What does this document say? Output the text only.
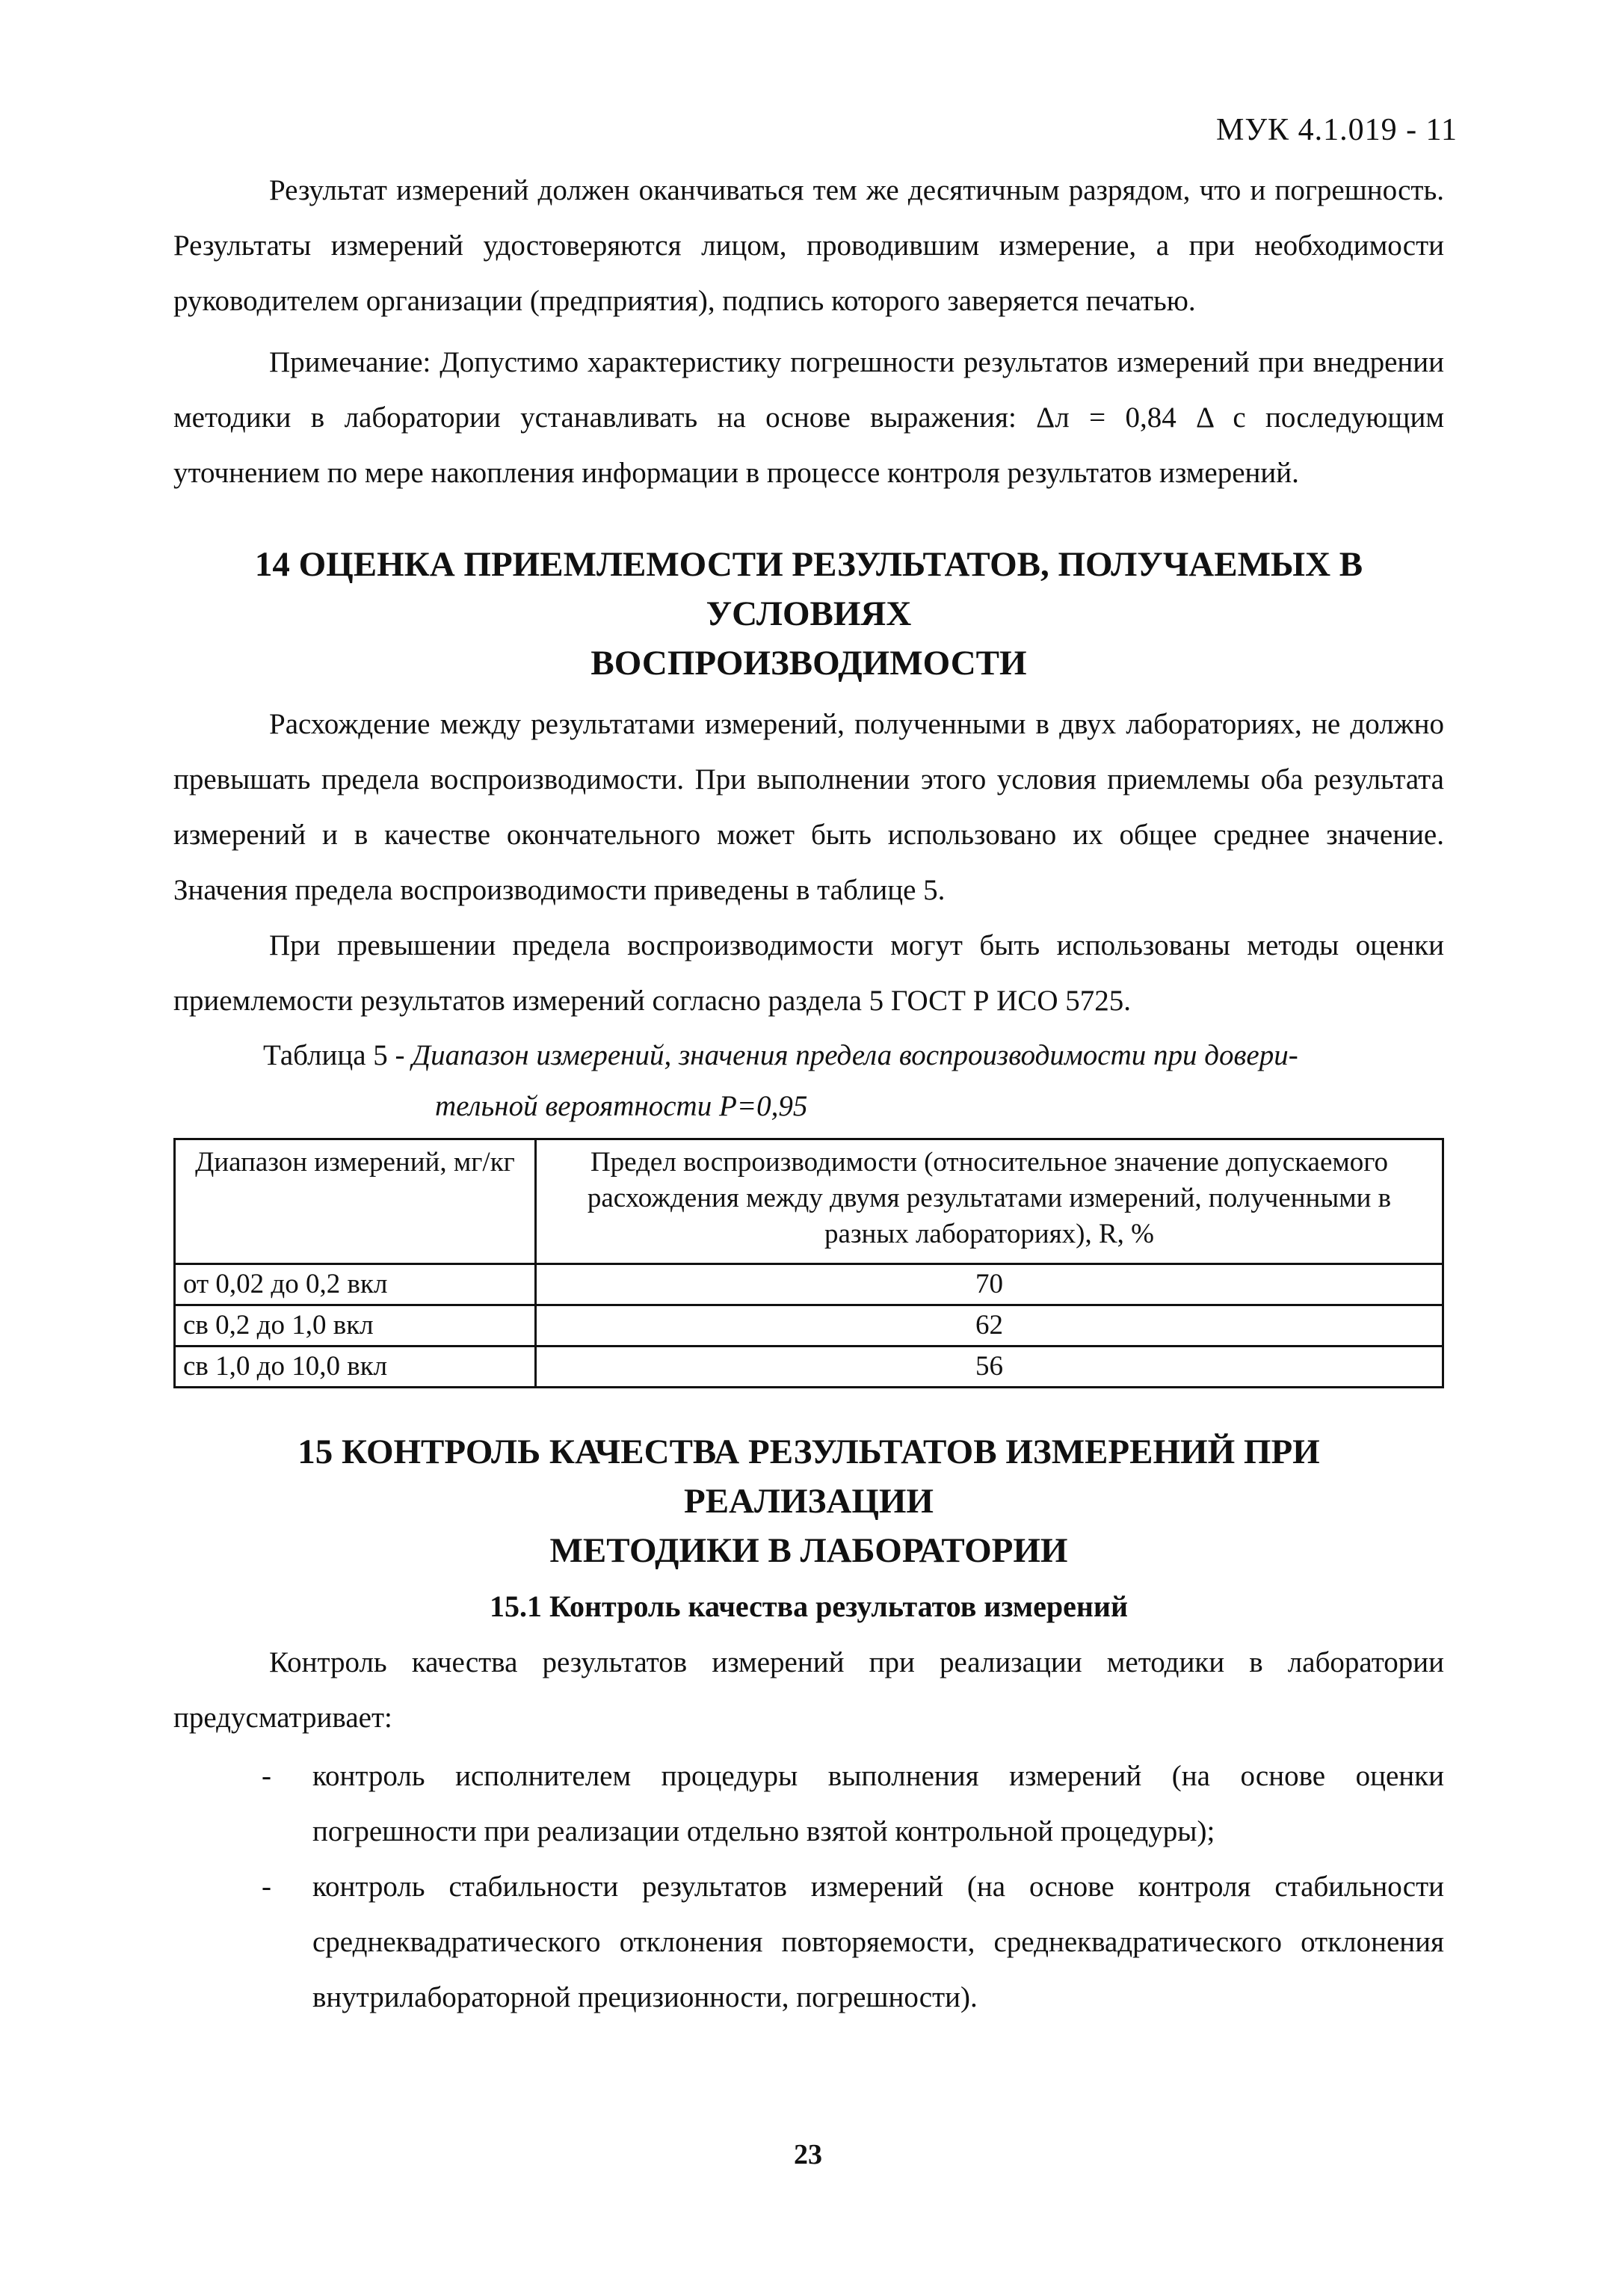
МУК 4.1.019 - 11

Результат измерений должен оканчиваться тем же десятичным разрядом, что и погрешность. Результаты измерений удостоверяются лицом, проводившим измерение, а при необходимости руководителем организации (предприятия), подпись которого заверяется печатью.

Примечание: Допустимо характеристику погрешности результатов измерений при внедрении методики в лаборатории устанавливать на основе выражения: Δл = 0,84 Δ с последующим уточнением по мере накопления информации в процессе контроля результатов измерений.

14 ОЦЕНКА ПРИЕМЛЕМОСТИ РЕЗУЛЬТАТОВ, ПОЛУЧАЕМЫХ В УСЛОВИЯХ
ВОСПРОИЗВОДИМОСТИ

Расхождение между результатами измерений, полученными в двух лабораториях, не должно превышать предела воспроизводимости. При выполнении этого условия приемлемы оба результата измерений и в качестве окончательного может быть использовано их общее среднее значение. Значения предела воспроизводимости приведены в таблице 5.

При превышении предела воспроизводимости могут быть использованы методы оценки приемлемости результатов измерений согласно раздела 5 ГОСТ Р ИСО 5725.

Таблица 5 - Диапазон измерений, значения предела воспроизводимости при довери-
тельной вероятности P=0,95
Диапазон измерений, мг/кг	Предел воспроизводимости (относительное значение допускаемого расхождения между двумя результатами измерений, полученными в разных лабораториях), R, %
от 0,02 до 0,2 вкл	70
св 0,2 до 1,0 вкл	62
св 1,0 до 10,0 вкл	56

15 КОНТРОЛЬ КАЧЕСТВА РЕЗУЛЬТАТОВ ИЗМЕРЕНИЙ ПРИ РЕАЛИЗАЦИИ
МЕТОДИКИ В ЛАБОРАТОРИИ

15.1 Контроль качества результатов измерений

Контроль качества результатов измерений при реализации методики в лаборатории предусматривает:

- контроль исполнителем процедуры выполнения измерений (на основе оценки погрешности при реализации отдельно взятой контрольной процедуры);
- контроль стабильности результатов измерений (на основе контроля стабильности среднеквадратического отклонения повторяемости, среднеквадратического отклонения внутрилабораторной прецизионности, погрешности).
23
